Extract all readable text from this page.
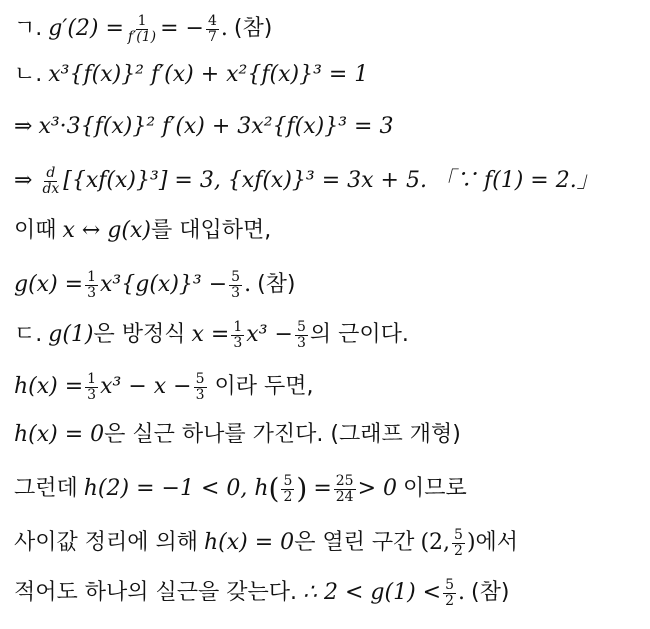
ㄱ. $g'(2) = \frac{1}{f'(1)}$ = − $\frac{4}{7}$ . (참)
ㄴ. x³{f(x)}² f′(x) + x²{f(x)}³ = 1
⇒ x³·3{f(x)}² f′(x) + 3x²{f(x)}³ = 3
⇒ $\frac{d}{dx} [\{xf(x)\}^3] = 3$, {xf(x)}³ = 3x + 5. 「∵ f(1) = 2.」
이때 x ↔ g(x) 를 대입하면,
$g(x) = \frac{1}{3} x^3\{g(x)\}^3 - \frac{5}{3}$ . (참)
ㄷ. g(1) 은 방정식 $x = \frac{1}{3} x^3 - \frac{5}{3}$ 의 근이다.
$h(x) = \frac{1}{3} x^3 - x - \frac{5}{3}$ 이라 두면,
h(x) = 0 은 실근 하나를 가진다. (그래프 개형)
그런데 h(2) = −1 < 0, h ( $\frac{5}{2}$ ) = $\frac{25}{24} > 0$ 이므로
사이값 정리에 의해 h(x) = 0 은 열린 구간 (2, $\frac{5}{2}$ ) 에서
적어도 하나의 실근을 갖는다. ∴ $2 < g(1) < \frac{5}{2}$ . (참)
